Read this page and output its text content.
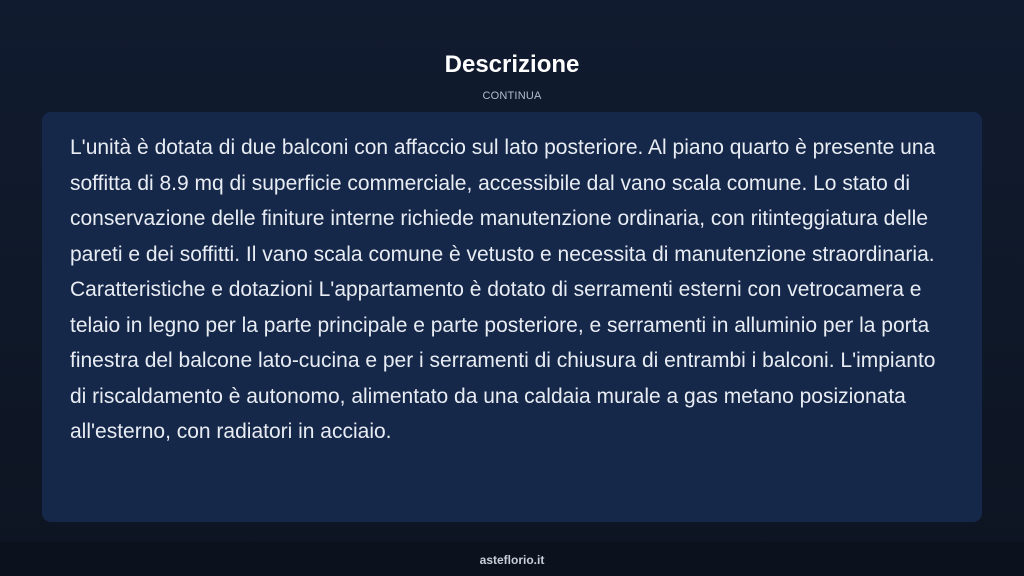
Descrizione
CONTINUA

L'unità è dotata di due balconi con affaccio sul lato posteriore. Al piano quarto è presente una soffitta di 8.9 mq di superficie commerciale, accessibile dal vano scala comune. Lo stato di conservazione delle finiture interne richiede manutenzione ordinaria, con ritinteggiatura delle pareti e dei soffitti. Il vano scala comune è vetusto e necessita di manutenzione straordinaria. Caratteristiche e dotazioni L'appartamento è dotato di serramenti esterni con vetrocamera e telaio in legno per la parte principale e parte posteriore, e serramenti in alluminio per la porta finestra del balcone lato-cucina e per i serramenti di chiusura di entrambi i balconi. L'impianto di riscaldamento è autonomo, alimentato da una caldaia murale a gas metano posizionata all'esterno, con radiatori in acciaio.

asteflorio.it
